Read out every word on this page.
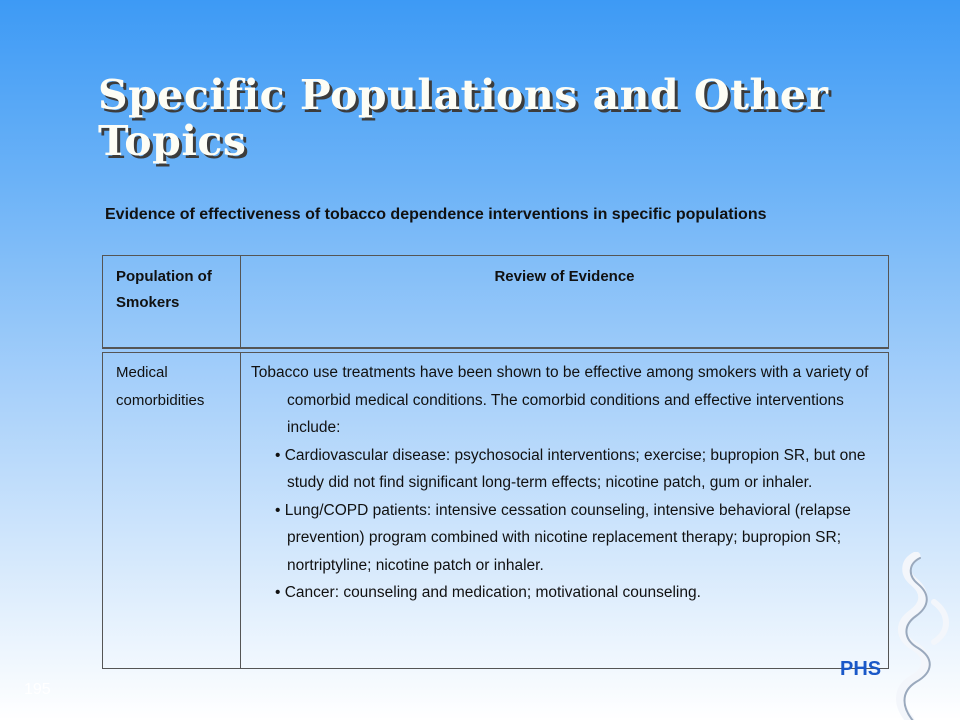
Specific Populations and Other Topics
Evidence of effectiveness of tobacco dependence interventions in specific populations
Population of Smokers
Review of Evidence
Medical comorbidities
Tobacco use treatments have been shown to be effective among smokers with a variety of comorbid medical conditions. The comorbid conditions and effective interventions include:
• Cardiovascular disease: psychosocial interventions; exercise; bupropion SR, but one study did not find significant long-term effects; nicotine patch, gum or inhaler.
• Lung/COPD patients: intensive cessation counseling, intensive behavioral (relapse prevention) program combined with nicotine replacement therapy; bupropion SR; nortriptyline; nicotine patch or inhaler.
• Cancer: counseling and medication; motivational counseling.
195
PHS
